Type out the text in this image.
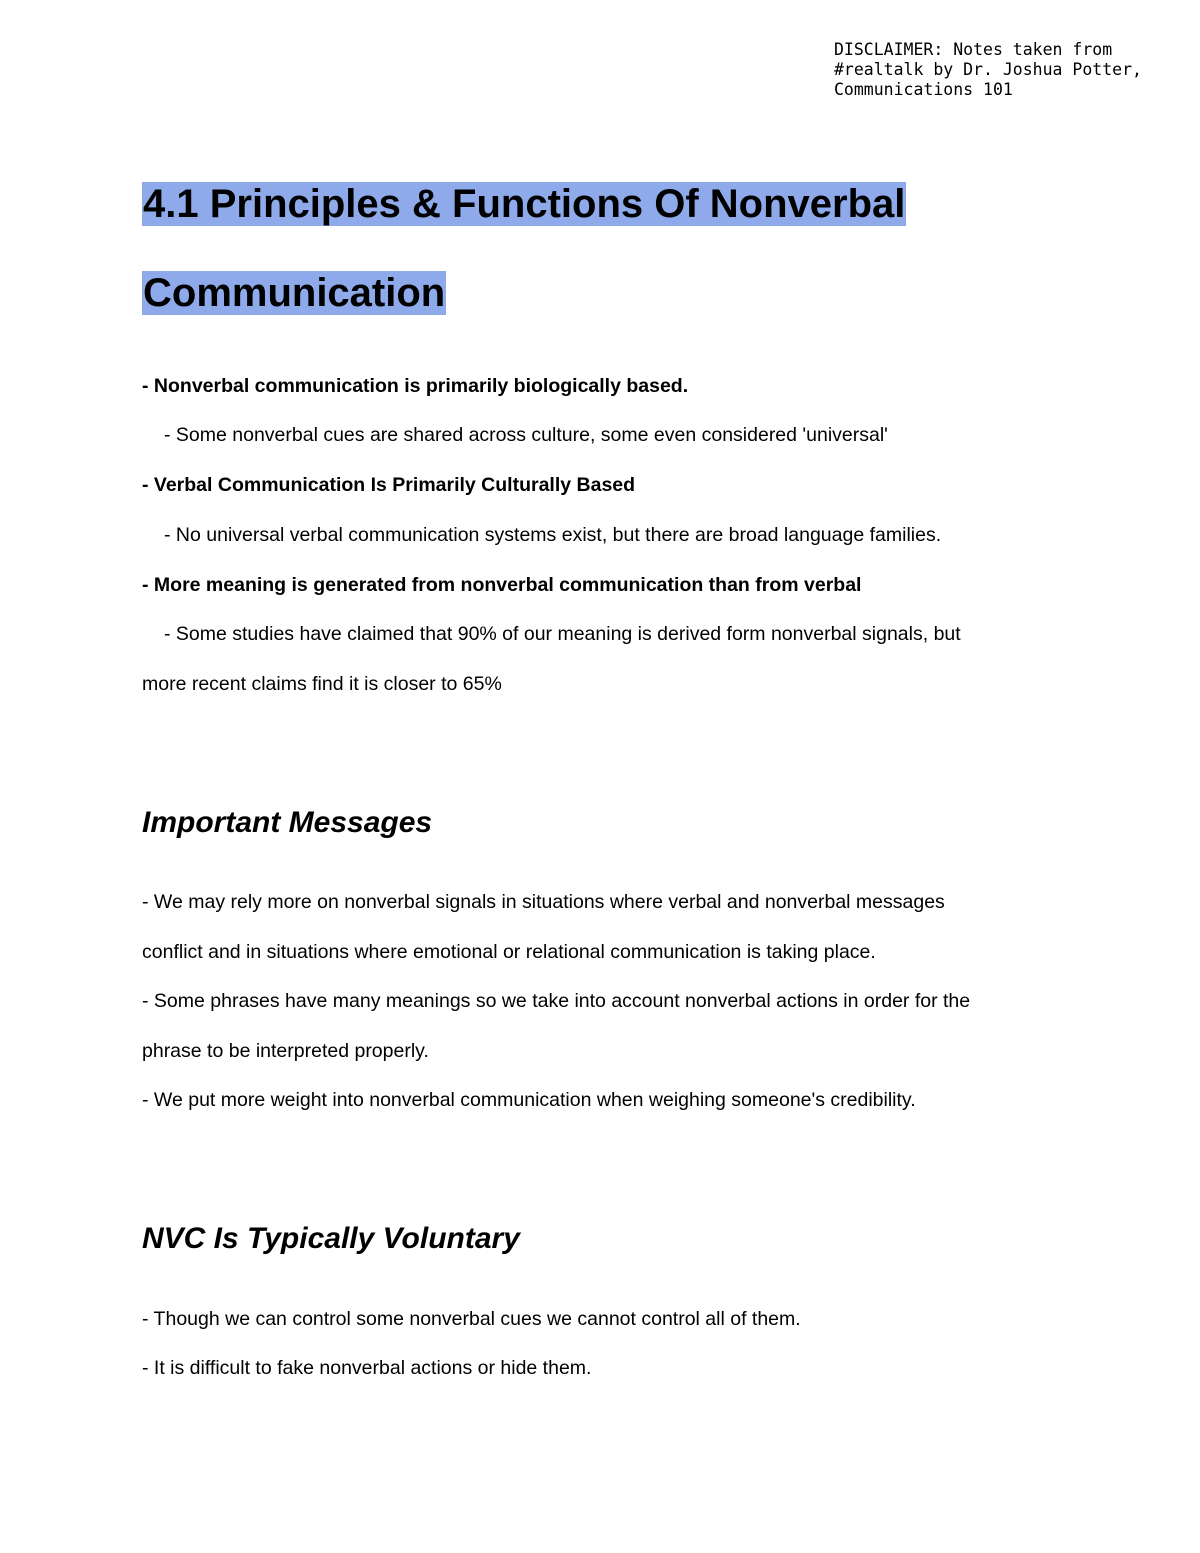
DISCLAIMER: Notes taken from
#realtalk by Dr. Joshua Potter,
Communications 101
4.1 Principles & Functions Of Nonverbal
Communication
- Nonverbal communication is primarily biologically based.
- Some nonverbal cues are shared across culture, some even considered 'universal'
- Verbal Communication Is Primarily Culturally Based
- No universal verbal communication systems exist, but there are broad language families.
- More meaning is generated from nonverbal communication than from verbal
- Some studies have claimed that 90% of our meaning is derived form nonverbal signals, but
more recent claims find it is closer to 65%
Important Messages
- We may rely more on nonverbal signals in situations where verbal and nonverbal messages
conflict and in situations where emotional or relational communication is taking place.
- Some phrases have many meanings so we take into account nonverbal actions in order for the
phrase to be interpreted properly.
- We put more weight into nonverbal communication when weighing someone's credibility.
NVC Is Typically Voluntary
- Though we can control some nonverbal cues we cannot control all of them.
- It is difficult to fake nonverbal actions or hide them.
